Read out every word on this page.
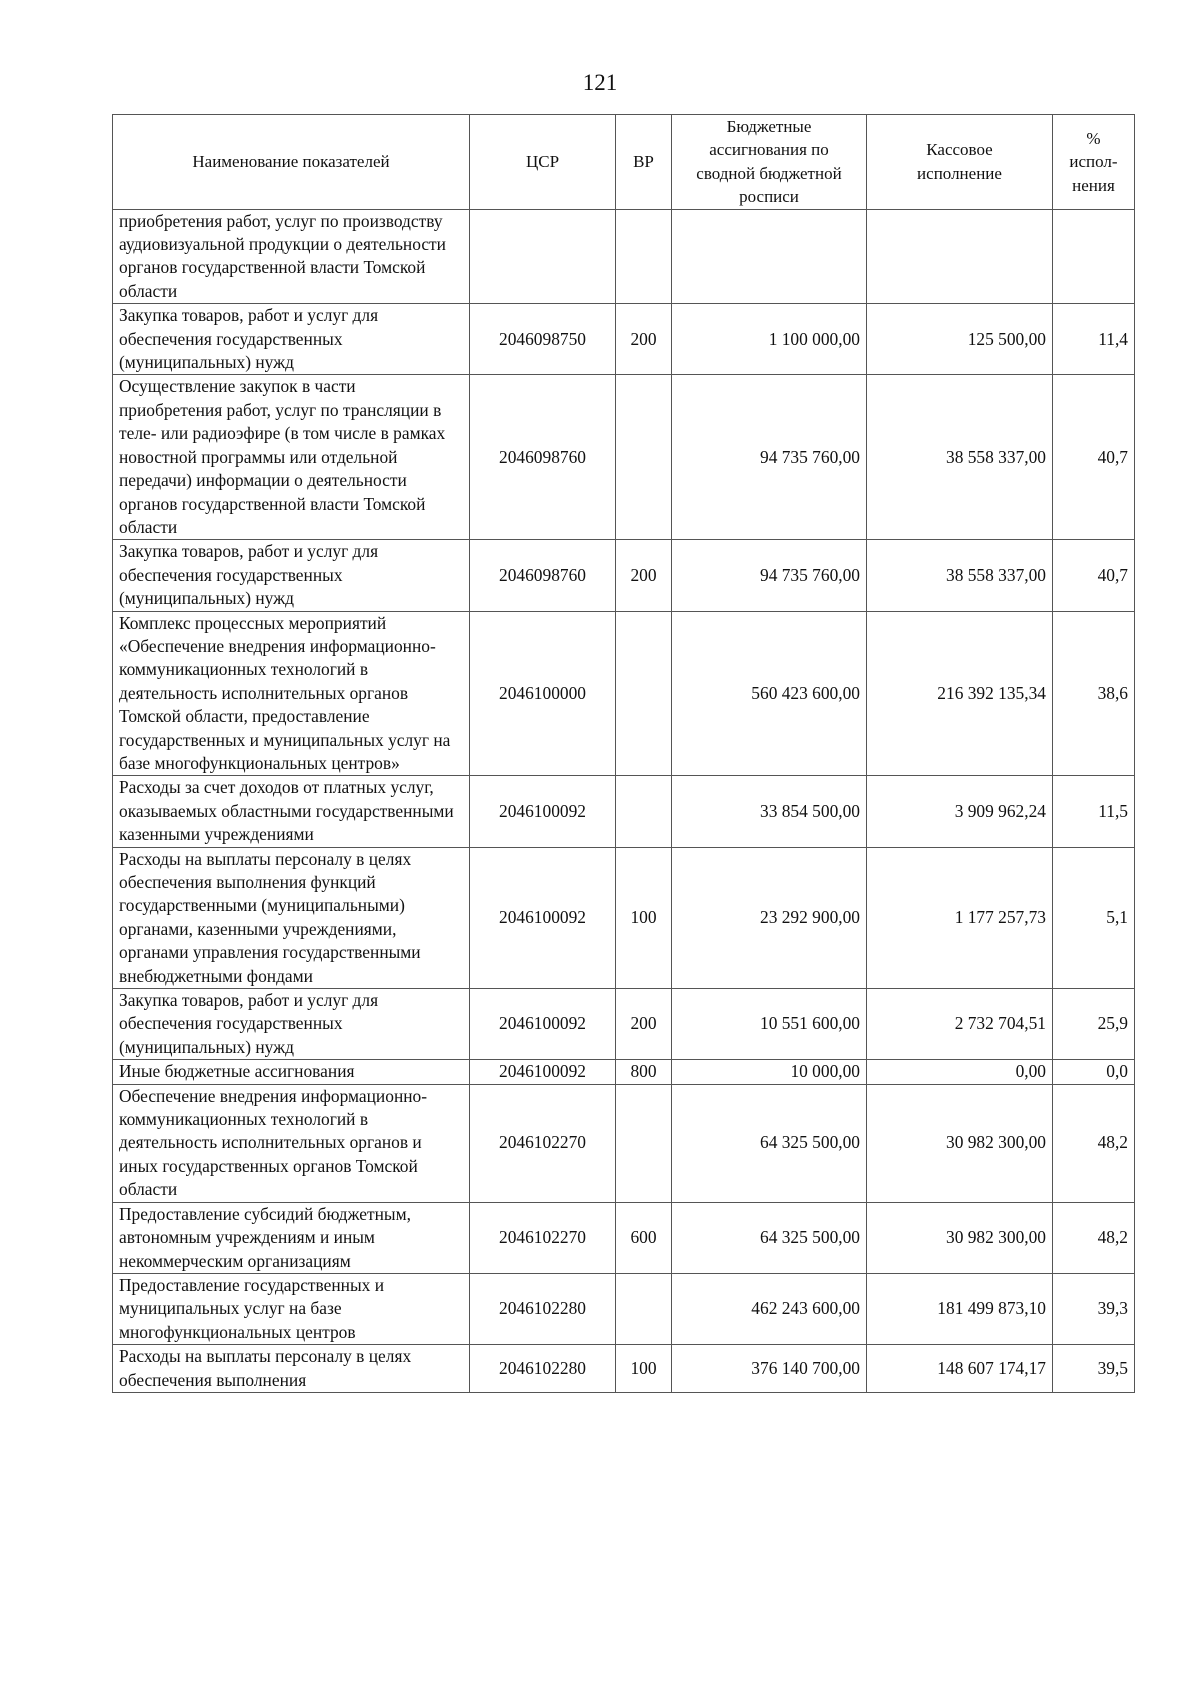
121
Наименование показателей	ЦСР	ВР	Бюджетные ассигнования по сводной бюджетной росписи	Кассовое исполнение	% испол-нения
приобретения работ, услуг по производству аудиовизуальной продукции о деятельности органов государственной власти Томской области					
Закупка товаров, работ и услуг для обеспечения государственных (муниципальных) нужд	2046098750	200	1 100 000,00	125 500,00	11,4
Осуществление закупок в части приобретения работ, услуг по трансляции в теле- или радиоэфире (в том числе в рамках новостной программы или отдельной передачи) информации о деятельности органов государственной власти Томской области	2046098760		94 735 760,00	38 558 337,00	40,7
Закупка товаров, работ и услуг для обеспечения государственных (муниципальных) нужд	2046098760	200	94 735 760,00	38 558 337,00	40,7
Комплекс процессных мероприятий «Обеспечение внедрения информационно-коммуникационных технологий в деятельность исполнительных органов Томской области, предоставление государственных и муниципальных услуг на базе многофункциональных центров»	2046100000		560 423 600,00	216 392 135,34	38,6
Расходы за счет доходов от платных услуг, оказываемых областными государственными казенными учреждениями	2046100092		33 854 500,00	3 909 962,24	11,5
Расходы на выплаты персоналу в целях обеспечения выполнения функций государственными (муниципальными) органами, казенными учреждениями, органами управления государственными внебюджетными фондами	2046100092	100	23 292 900,00	1 177 257,73	5,1
Закупка товаров, работ и услуг для обеспечения государственных (муниципальных) нужд	2046100092	200	10 551 600,00	2 732 704,51	25,9
Иные бюджетные ассигнования	2046100092	800	10 000,00	0,00	0,0
Обеспечение внедрения информационно-коммуникационных технологий в деятельность исполнительных органов и иных государственных органов Томской области	2046102270		64 325 500,00	30 982 300,00	48,2
Предоставление субсидий бюджетным, автономным учреждениям и иным некоммерческим организациям	2046102270	600	64 325 500,00	30 982 300,00	48,2
Предоставление государственных и муниципальных услуг на базе многофункциональных центров	2046102280		462 243 600,00	181 499 873,10	39,3
Расходы на выплаты персоналу в целях обеспечения выполнения	2046102280	100	376 140 700,00	148 607 174,17	39,5
